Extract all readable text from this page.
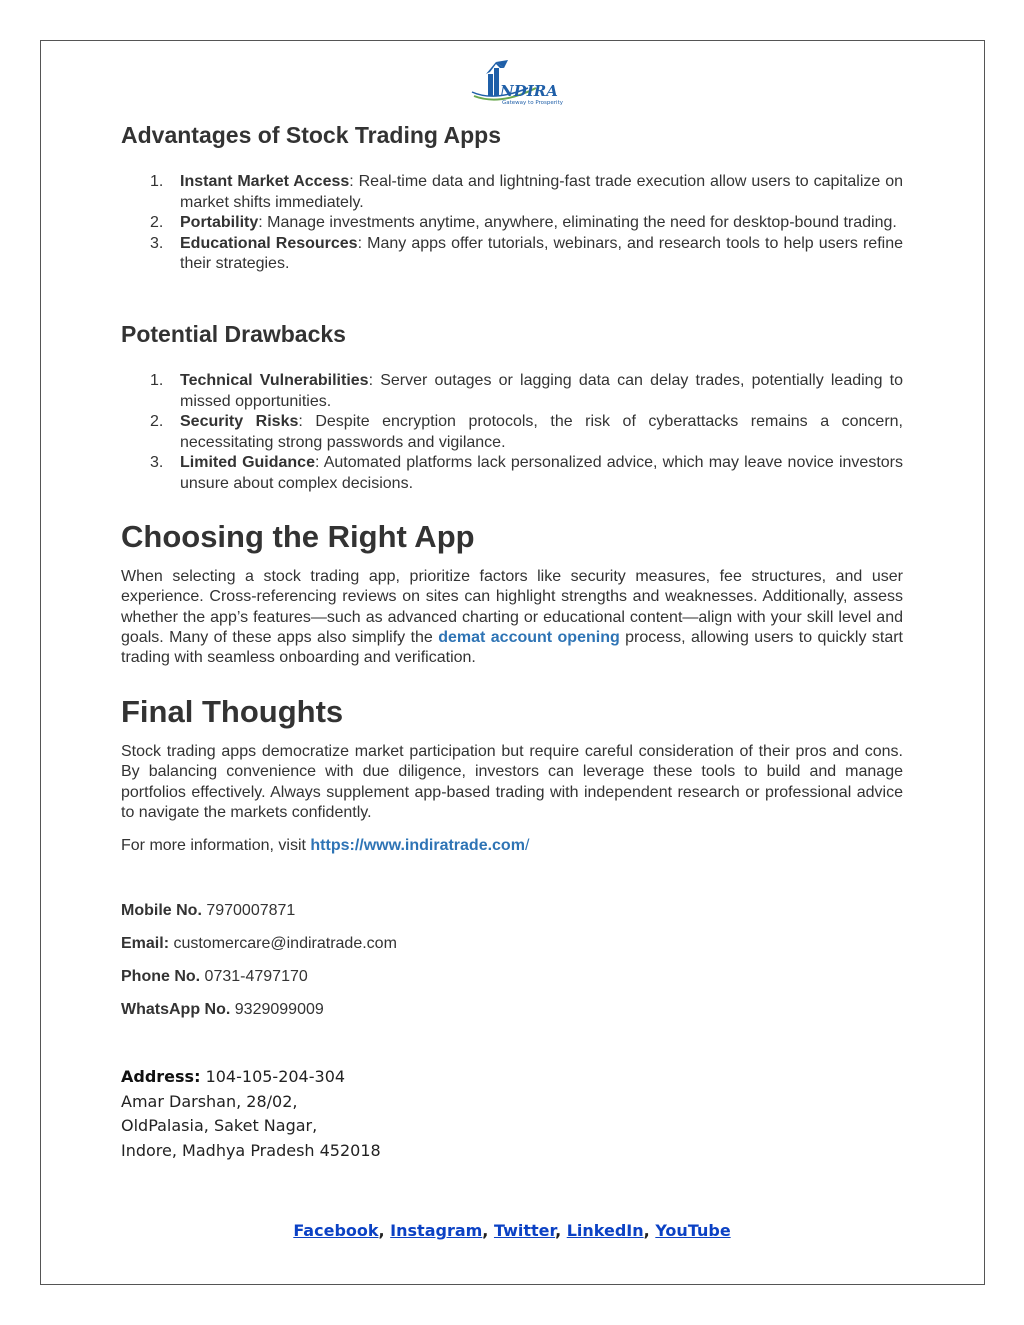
NDIRA
Gateway to Prosperity
Advantages of Stock Trading Apps
1. Instant Market Access: Real-time data and lightning-fast trade execution allow users to capitalize on market shifts immediately.
2. Portability: Manage investments anytime, anywhere, eliminating the need for desktop-bound trading.
3. Educational Resources: Many apps offer tutorials, webinars, and research tools to help users refine their strategies.
Potential Drawbacks
1. Technical Vulnerabilities: Server outages or lagging data can delay trades, potentially leading to missed opportunities.
2. Security Risks: Despite encryption protocols, the risk of cyberattacks remains a concern, necessitating strong passwords and vigilance.
3. Limited Guidance: Automated platforms lack personalized advice, which may leave novice investors unsure about complex decisions.
Choosing the Right App

When selecting a stock trading app, prioritize factors like security measures, fee structures, and user experience. Cross-referencing reviews on sites can highlight strengths and weaknesses. Additionally, assess whether the app’s features—such as advanced charting or educational content—align with your skill level and goals. Many of these apps also simplify the demat account opening process, allowing users to quickly start trading with seamless onboarding and verification.

Final Thoughts

Stock trading apps democratize market participation but require careful consideration of their pros and cons. By balancing convenience with due diligence, investors can leverage these tools to build and manage portfolios effectively. Always supplement app-based trading with independent research or professional advice to navigate the markets confidently.

For more information, visit https://www.indiratrade.com/

Mobile No. 7970007871
Email: customercare@indiratrade.com
Phone No. 0731-4797170
WhatsApp No. 9329099009
Address: 104-105-204-304
Amar Darshan, 28/02,
OldPalasia, Saket Nagar,
Indore, Madhya Pradesh 452018
Facebook, Instagram, Twitter, LinkedIn, YouTube
